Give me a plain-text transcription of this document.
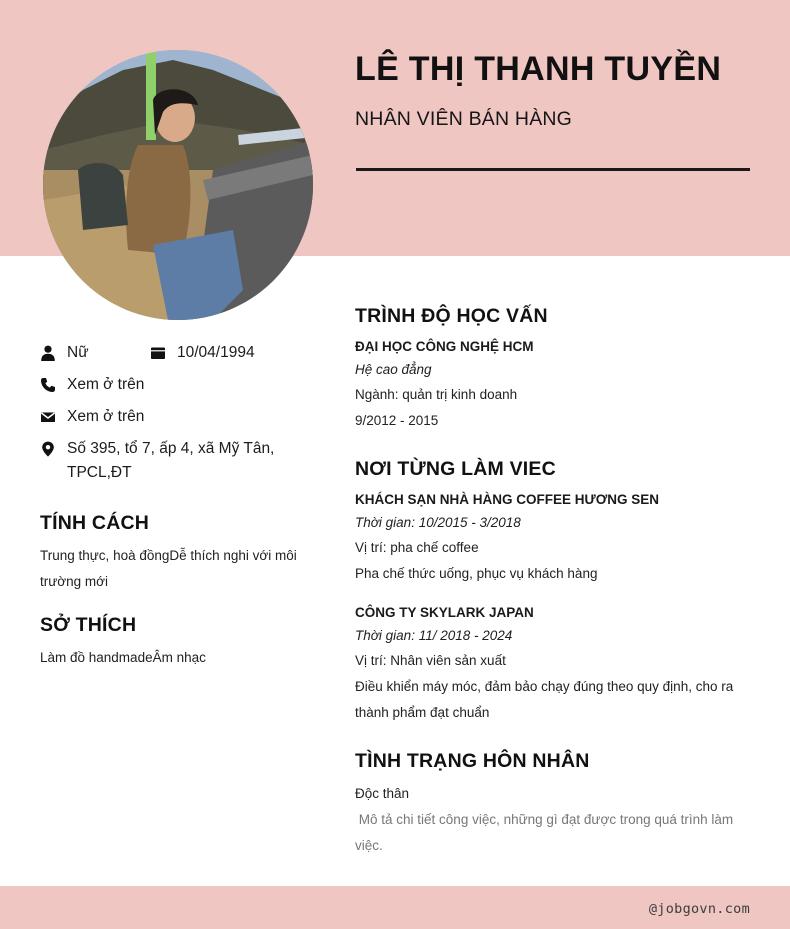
LÊ THỊ THANH TUYỀN
NHÂN VIÊN BÁN HÀNG
Nữ	10/04/1994
Xem ở trên
Xem ở trên
Số 395, tổ 7, ấp 4, xã Mỹ Tân, TPCL,ĐT
TÍNH CÁCH
Trung thực, hoà đồngDễ thích nghi với môi trường mới
SỞ THÍCH
Làm đồ handmadeÂm nhạc
TRÌNH ĐỘ HỌC VẤN
ĐẠI HỌC CÔNG NGHỆ HCM
Hệ cao đẳng
Ngành: quản trị kinh doanh
9/2012 - 2015
NƠI TỪNG LÀM VIEC
KHÁCH SẠN NHÀ HÀNG COFFEE HƯƠNG SEN
Thời gian: 10/2015 - 3/2018
Vị trí: pha chế coffee
Pha chế thức uống, phục vụ khách hàng
CÔNG TY SKYLARK JAPAN
Thời gian: 11/ 2018 - 2024
Vị trí: Nhân viên sản xuất
Điều khiển máy móc, đảm bảo chạy đúng theo quy định, cho ra thành phẩm đạt chuẩn
TÌNH TRẠNG HÔN NHÂN
Độc thân
Mô tả chi tiết công việc, những gì đạt được trong quá trình làm việc.
@jobgovn.com
